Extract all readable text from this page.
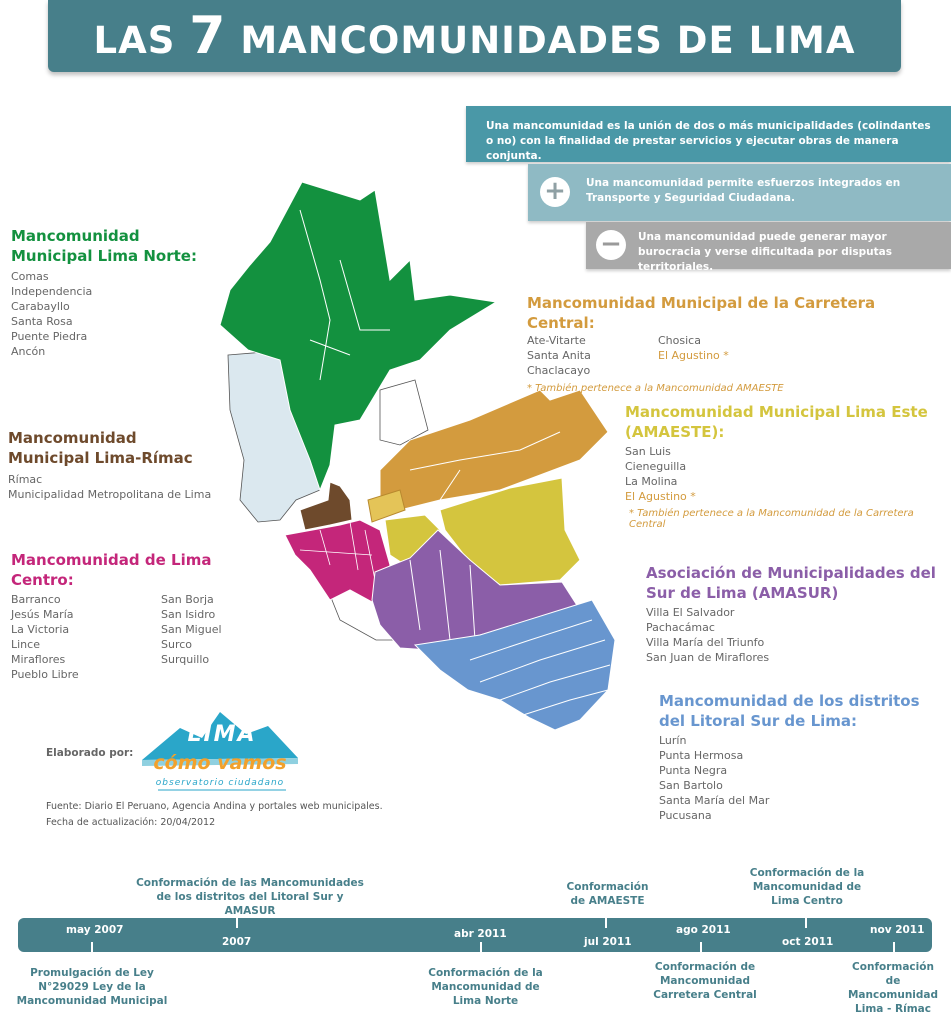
LAS 7 MANCOMUNIDADES DE LIMA
Una mancomunidad es la unión de dos o más municipalidades (colindantes o no) con la finalidad de prestar servicios y ejecutar obras de manera conjunta.
+	Una mancomunidad permite esfuerzos integrados en Transporte y Seguridad Ciudadana.
−	Una mancomunidad puede generar mayor burocracia y verse dificultada por disputas territoriales.
Mancomunidad Municipal Lima Norte:
Comas
Independencia
Carabayllo
Santa Rosa
Puente Piedra
Ancón
Mancomunidad Municipal Lima-Rímac
Rímac
Municipalidad Metropolitana de Lima
Mancomunidad de Lima Centro:
Barranco
Jesús María
La Victoria
Lince
Miraflores
Pueblo Libre
San Borja
San Isidro
San Miguel
Surco
Surquillo
Mancomunidad Municipal de la Carretera Central:
Ate-Vitarte
Santa Anita
Chaclacayo
Chosica
El Agustino *
* También pertenece a la Mancomunidad AMAESTE
Mancomunidad Municipal Lima Este (AMAESTE):
San Luis
Cieneguilla
La Molina
El Agustino *
* También pertenece a la Mancomunidad de la Carretera Central
Asociación de Municipalidades del Sur de Lima (AMASUR)
Villa El Salvador
Pachacámac
Villa María del Triunfo
San Juan de Miraflores
Mancomunidad de los distritos del Litoral Sur de Lima:
Lurín
Punta Hermosa
Punta Negra
San Bartolo
Santa María del Mar
Pucusana
Elaborado por:
LIMA
cómo vamos
observatorio ciudadano
Fuente: Diario El Peruano, Agencia Andina y portales web municipales.
Fecha de actualización: 20/04/2012
Conformación de las Mancomunidades de los distritos del Litoral Sur y AMASUR
Conformación de AMAESTE
Conformación de la Mancomunidad de Lima Centro
may 2007
2007
abr 2011
jul 2011
ago 2011
oct 2011
nov 2011
Promulgación de Ley N°29029 Ley de la Mancomunidad Municipal
Conformación de la Mancomunidad de Lima Norte
Conformación de Mancomunidad Carretera Central
Conformación de Mancomunidad Lima - Rímac
